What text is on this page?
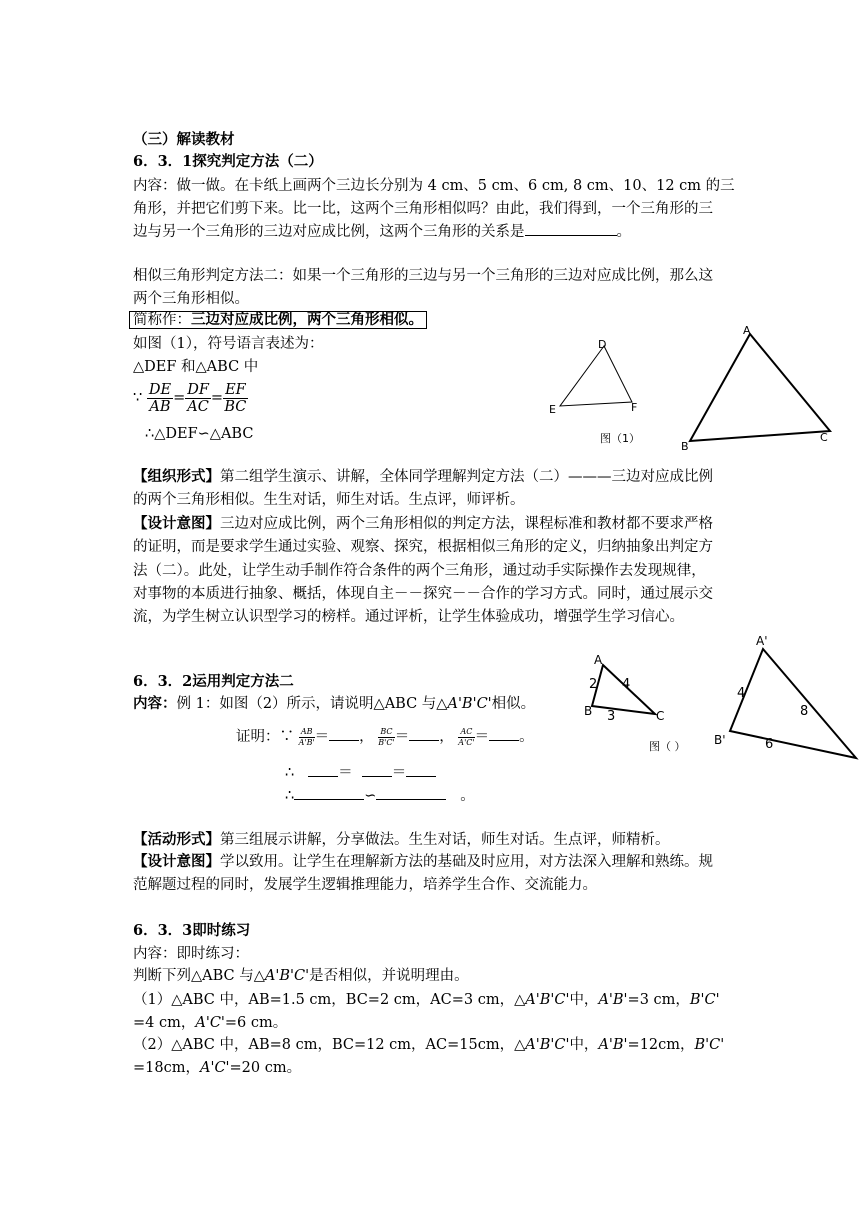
（三）解读教材
6．3．1探究判定方法（二）
内容：做一做。在卡纸上画两个三边长分别为 4 cm、5 cm、6 cm, 8 cm、10、12 cm 的三
角形，并把它们剪下来。比一比，这两个三角形相似吗？由此，我们得到，一个三角形的三
边与另一个三角形的三边对应成比例，这两个三角形的关系是	。
相似三角形判定方法二：如果一个三角形的三边与另一个三角形的三边对应成比例，那么这
两个三角形相似。
简称作：三边对应成比例，两个三角形相似。
如图（1），符号语言表述为：
△DEF 和△ABC 中
∵ $\frac{DE}{AB} = \frac{DF}{AC} = \frac{EF}{BC}$
∴△DEF∽△ABC
D
E	F
A
B
C
图（1）
【组织形式】第二组学生演示、讲解，全体同学理解判定方法（二）———三边对应成比例
的两个三角形相似。生生对话，师生对话。生点评，师评析。
【设计意图】三边对应成比例，两个三角形相似的判定方法，课程标准和教材都不要求严格
的证明，而是要求学生通过实验、观察、探究，根据相似三角形的定义，归纳抽象出判定方
法（二）。此处，让学生动手制作符合条件的两个三角形，通过动手实际操作去发现规律，
对事物的本质进行抽象、概括，体现自主－－探究－－合作的学习方式。同时，通过展示交
流，为学生树立认识型学习的榜样。通过评析，让学生体验成功，增强学生学习信心。
6．3．2运用判定方法二
内容：例 1：如图（2）所示，请说明△ABC 与△A'B'C'相似。
证明：∵ $\frac{AB}{A'B'}$ ＝ ， $\frac{BC}{B'C'}$ ＝ ， $\frac{AC}{A'C'}$ ＝ 。
∴	＝	＝
∴	∽	。
A
B	C
2 4
3
A'
B'
4
8
6
图（ ）
【活动形式】第三组展示讲解，分享做法。生生对话，师生对话。生点评，师精析。
【设计意图】学以致用。让学生在理解新方法的基础及时应用，对方法深入理解和熟练。规
范解题过程的同时，发展学生逻辑推理能力，培养学生合作、交流能力。
6．3．3即时练习
内容：即时练习：
判断下列△ABC 与△A'B'C'是否相似，并说明理由。
（1）△ABC 中，AB=1.5 cm，BC=2 cm，AC=3 cm，△A'B'C'中，A'B'=3 cm，B'C'
=4 cm，A'C'=6 cm。
（2）△ABC 中，AB=8 cm，BC=12 cm，AC=15cm，△A'B'C'中，A'B'=12cm，B'C'
=18cm，A'C'=20 cm。
